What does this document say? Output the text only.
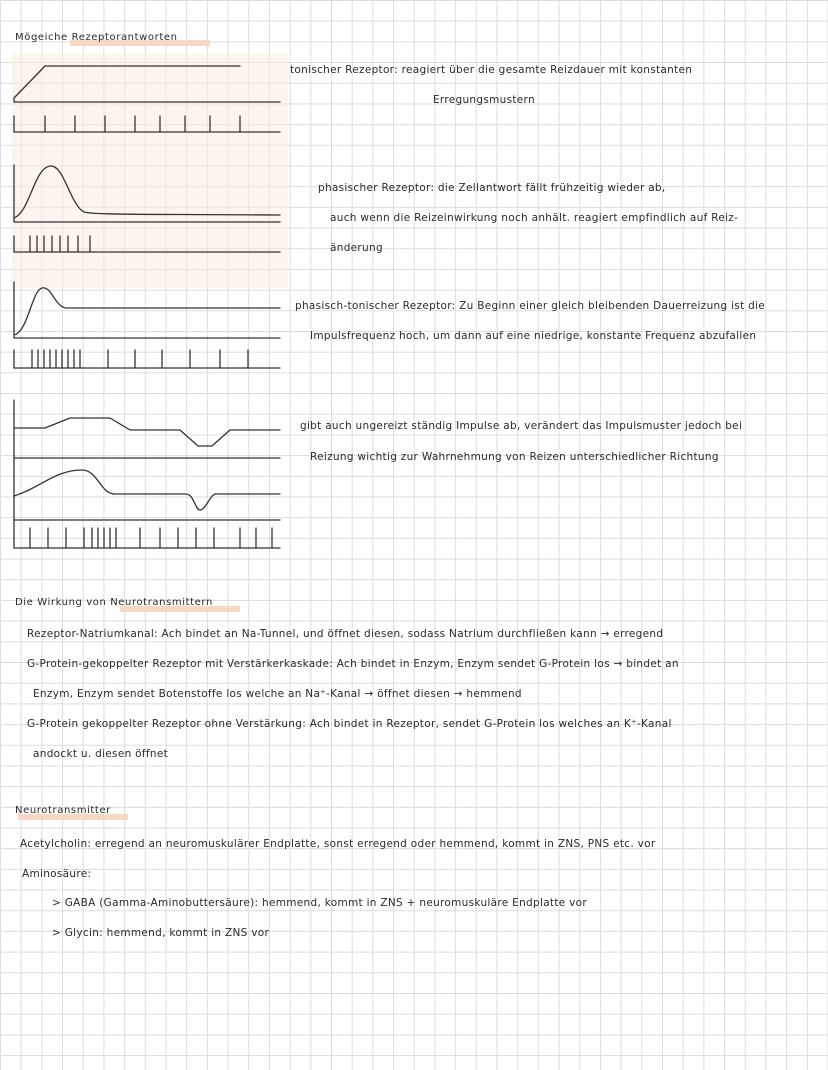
Mögeiche Rezeptorantworten
tonischer Rezeptor: reagiert über die gesamte Reizdauer mit konstanten
Erregungsmustern
phasischer Rezeptor: die Zellantwort fällt frühzeitig wieder ab,
auch wenn die Reizeinwirkung noch anhält. reagiert empfindlich auf Reiz-
änderung
phasisch-tonischer Rezeptor: Zu Beginn einer gleich bleibenden Dauerreizung ist die
Impulsfrequenz hoch, um dann auf eine niedrige, konstante Frequenz abzufallen
gibt auch ungereizt ständig Impulse ab, verändert das Impulsmuster jedoch bei
Reizung wichtig zur Wahrnehmung von Reizen unterschiedlicher Richtung
Die Wirkung von Neurotransmittern
Rezeptor-Natriumkanal: Ach bindet an Na-Tunnel, und öffnet diesen, sodass Natrium durchfließen kann → erregend
G-Protein-gekoppelter Rezeptor mit Verstärkerkaskade: Ach bindet in Enzym, Enzym sendet G-Protein los → bindet an
Enzym, Enzym sendet Botenstoffe los welche an Na⁺-Kanal → öffnet diesen → hemmend
G-Protein gekoppelter Rezeptor ohne Verstärkung: Ach bindet in Rezeptor, sendet G-Protein los welches an K⁺-Kanal
andockt u. diesen öffnet
Neurotransmitter
Acetylcholin: erregend an neuromuskulärer Endplatte, sonst erregend oder hemmend, kommt in ZNS, PNS etc. vor
Aminosäure:
> GABA (Gamma-Aminobuttersäure): hemmend, kommt in ZNS + neuromuskuläre Endplatte vor
> Glycin: hemmend, kommt in ZNS vor
